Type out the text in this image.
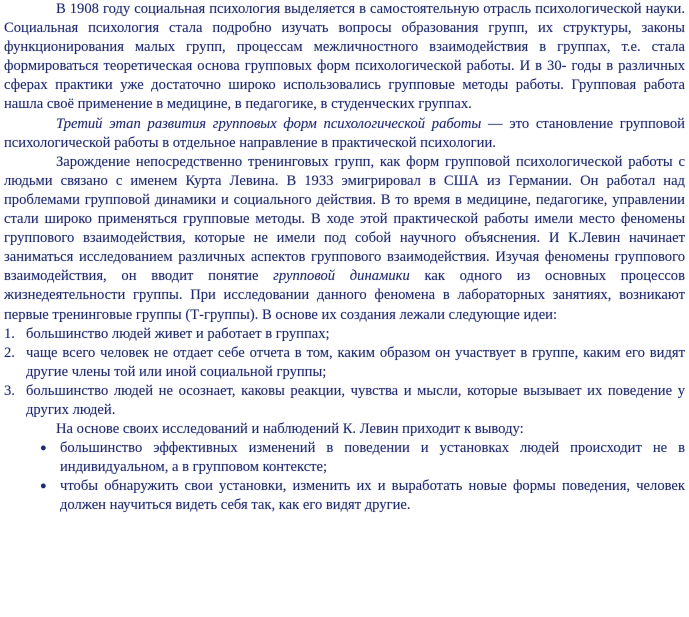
В 1908 году социальная психология выделяется в самостоятельную отрасль психологической науки. Социальная психология стала подробно изучать вопросы образования групп, их структуры, законы функционирования малых групп, процессам межличностного взаимодействия в группах, т.е. стала формироваться теоретическая основа групповых форм психологической работы. И в 30- годы в различных сферах практики уже достаточно широко использовались групповые методы работы. Групповая работа нашла своё применение в медицине, в педагогике, в студенческих группах.

Третий этап развития групповых форм психологической работы — это становление групповой психологической работы в отдельное направление в практической психологии.

Зарождение непосредственно тренинговых групп, как форм групповой психологической работы с людьми связано с именем Курта Левина. В 1933 эмигрировал в США из Германии. Он работал над проблемами групповой динамики и социального действия. В то время в медицине, педагогике, управлении стали широко применяться групповые методы. В ходе этой практической работы имели место феномены группового взаимодействия, которые не имели под собой научного объяснения. И К.Левин начинает заниматься исследованием различных аспектов группового взаимодействия. Изучая феномены группового взаимодействия, он вводит понятие групповой динамики как одного из основных процессов жизнедеятельности группы. При исследовании данного феномена в лабораторных занятиях, возникают первые тренинговые группы (Т-группы). В основе их создания лежали следующие идеи:

1. большинство людей живет и работает в группах;
2. чаще всего человек не отдает себе отчета в том, каким образом он участвует в группе, каким его видят другие члены той или иной социальной группы;
3. большинство людей не осознает, каковы реакции, чувства и мысли, которые вызывает их поведение у других людей.

На основе своих исследований и наблюдений К. Левин приходит к выводу:

● большинство эффективных изменений в поведении и установках людей происходит не в индивидуальном, а в групповом контексте;
● чтобы обнаружить свои установки, изменить их и выработать новые формы поведения, человек должен научиться видеть себя так, как его видят другие.
